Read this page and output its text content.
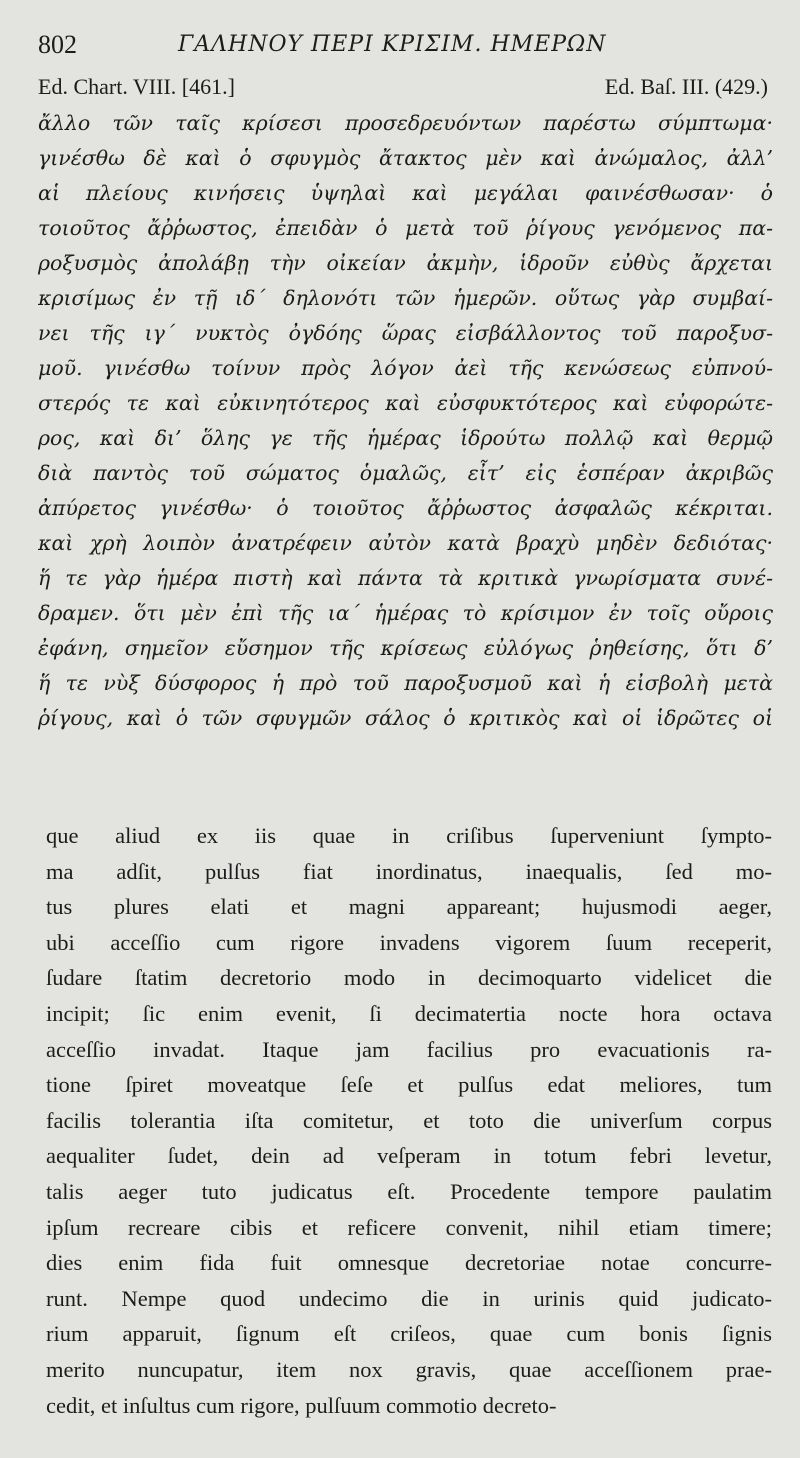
802	ΓΑΛΗΝΟΥ ΠΕΡΙ ΚΡΙΣΙΜ. ΗΜΕΡΩΝ
Ed. Chart. VIII. [461.]	Ed. Baſ. III. (429.)
ἄλλο τῶν ταῖς κρίσεσι προσεδρευόντων παρέστω σύμπτωμα·
γινέσθω δὲ καὶ ὁ σφυγμὸς ἄτακτος μὲν καὶ ἀνώμαλος, ἀλλ’
αἱ πλείους κινήσεις ὑψηλαὶ καὶ μεγάλαι φαινέσθωσαν· ὁ
τοιοῦτος ἄῤῥωστος, ἐπειδὰν ὁ μετὰ τοῦ ῥίγους γενόμενος πα-
ροξυσμὸς ἀπολάβῃ τὴν οἰκείαν ἀκμὴν, ἱδροῦν εὐθὺς ἄρχεται
κρισίμως ἐν τῇ ιδ΄ δηλονότι τῶν ἡμερῶν. οὕτως γὰρ συμβαί-
νει τῆς ιγ΄ νυκτὸς ὀγδόης ὥρας εἰσβάλλοντος τοῦ παροξυσ-
μοῦ. γινέσθω τοίνυν πρὸς λόγον ἀεὶ τῆς κενώσεως εὐπνού-
στερός τε καὶ εὐκινητότερος καὶ εὐσφυκτότερος καὶ εὐφορώτε-
ρος, καὶ δι’ ὅλης γε τῆς ἡμέρας ἱδρούτω πολλῷ καὶ θερμῷ
διὰ παντὸς τοῦ σώματος ὁμαλῶς, εἶτ’ εἰς ἑσπέραν ἀκριβῶς
ἀπύρετος γινέσθω· ὁ τοιοῦτος ἄῤῥωστος ἀσφαλῶς κέκριται.
καὶ χρὴ λοιπὸν ἀνατρέφειν αὐτὸν κατὰ βραχὺ μηδὲν δεδιότας·
ἥ τε γὰρ ἡμέρα πιστὴ καὶ πάντα τὰ κριτικὰ γνωρίσματα συνέ-
δραμεν. ὅτι μὲν ἐπὶ τῆς ια΄ ἡμέρας τὸ κρίσιμον ἐν τοῖς οὔροις
ἐφάνη, σημεῖον εὔσημον τῆς κρίσεως εὐλόγως ῥηθείσης, ὅτι δ’
ἥ τε νὺξ δύσφορος ἡ πρὸ τοῦ παροξυσμοῦ καὶ ἡ εἰσβολὴ μετὰ
ῥίγους, καὶ ὁ τῶν σφυγμῶν σάλος ὁ κριτικὸς καὶ οἱ ἱδρῶτες οἱ
que aliud ex iis quae in criſibus ſuperveniunt ſympto-
ma adſit, pulſus fiat inordinatus, inaequalis, ſed mo-
tus plures elati et magni appareant; hujusmodi aeger,
ubi acceſſio cum rigore invadens vigorem ſuum receperit,
ſudare ſtatim decretorio modo in decimoquarto videlicet die
incipit; ſic enim evenit, ſi decimatertia nocte hora octava
acceſſio invadat. Itaque jam facilius pro evacuationis ra-
tione ſpiret moveatque ſeſe et pulſus edat meliores, tum
facilis tolerantia iſta comitetur, et toto die univerſum corpus
aequaliter ſudet, dein ad veſperam in totum febri levetur,
talis aeger tuto judicatus eſt. Procedente tempore paulatim
ipſum recreare cibis et reficere convenit, nihil etiam timere;
dies enim fida fuit omnesque decretoriae notae concurre-
runt. Nempe quod undecimo die in urinis quid judicato-
rium apparuit, ſignum eſt criſeos, quae cum bonis ſignis
merito nuncupatur, item nox gravis, quae acceſſionem prae-
cedit, et inſultus cum rigore, pulſuum commotio decreto-
